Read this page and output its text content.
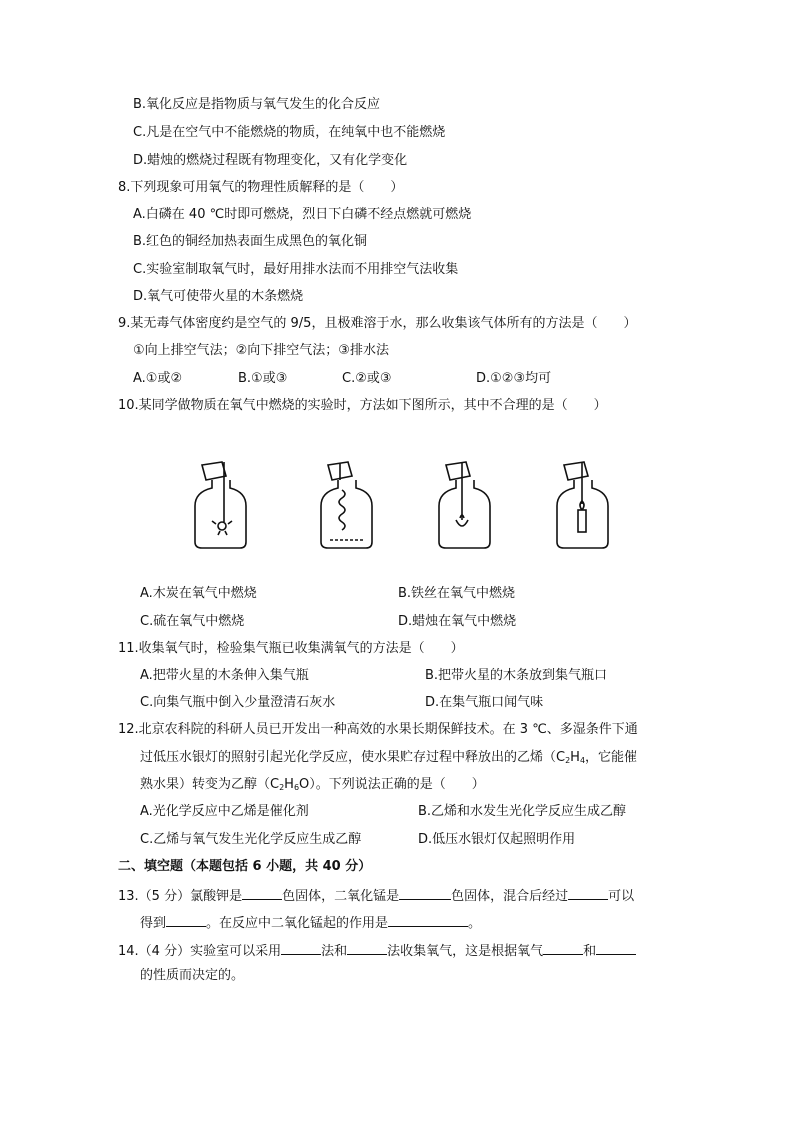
B.氧化反应是指物质与氧气发生的化合反应
C.凡是在空气中不能燃烧的物质，在纯氧中也不能燃烧
D.蜡烛的燃烧过程既有物理变化，又有化学变化
8.下列现象可用氧气的物理性质解释的是（　　）
A.白磷在 40 ℃时即可燃烧，烈日下白磷不经点燃就可燃烧
B.红色的铜经加热表面生成黑色的氧化铜
C.实验室制取氧气时，最好用排水法而不用排空气法收集
D.氧气可使带火星的木条燃烧
9.某无毒气体密度约是空气的 9/5，且极难溶于水，那么收集该气体所有的方法是（　　）
①向上排空气法；②向下排空气法；③排水法
A.①或②	B.①或③	C.②或③	D.①②③均可
10.某同学做物质在氧气中燃烧的实验时，方法如下图所示，其中不合理的是（　　）
A.木炭在氧气中燃烧	B.铁丝在氧气中燃烧
C.硫在氧气中燃烧	D.蜡烛在氧气中燃烧
11.收集氧气时，检验集气瓶已收集满氧气的方法是（　　）
A.把带火星的木条伸入集气瓶	B.把带火星的木条放到集气瓶口
C.向集气瓶中倒入少量澄清石灰水	D.在集气瓶口闻气味
12.北京农科院的科研人员已开发出一种高效的水果长期保鲜技术。在 3 ℃、多湿条件下通
过低压水银灯的照射引起光化学反应，使水果贮存过程中释放出的乙烯（$C_2H_4$，它能催
熟水果）转变为乙醇$(C_2H_6O)$。下列说法正确的是（　　）
A.光化学反应中乙烯是催化剂	B.乙烯和水发生光化学反应生成乙醇
C.乙烯与氧气发生光化学反应生成乙醇	D.低压水银灯仅起照明作用
二、填空题（本题包括 6 小题，共 40 分）
13.（5 分）氯酸钾是	色固体，二氧化锰是	色固体，混合后经过	可以
得到	。在反应中二氧化锰起的作用是	。
14.（4 分）实验室可以采用	法和	法收集氧气，这是根据氧气	和
的性质而决定的。
